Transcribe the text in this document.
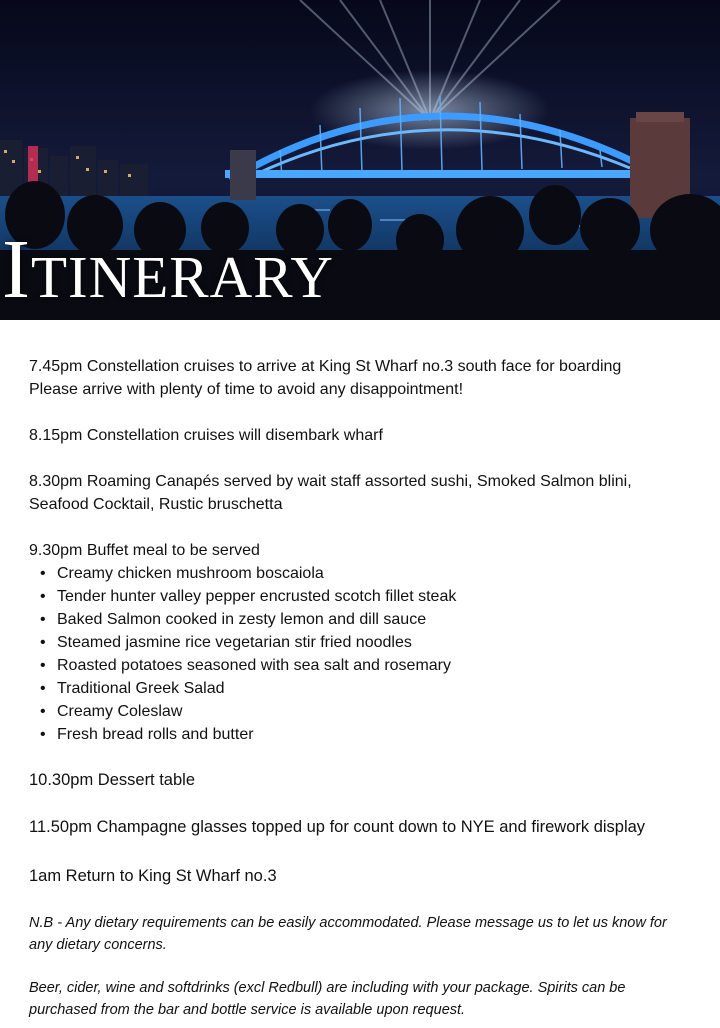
Itinerary
7.45pm Constellation cruises to arrive at King St Wharf no.3 south face for boarding
Please arrive with plenty of time to avoid any disappointment!
8.15pm Constellation cruises will disembark wharf
8.30pm Roaming Canapés served by wait staff assorted sushi, Smoked Salmon blini,
Seafood Cocktail, Rustic bruschetta
9.30pm Buffet meal to be served
• Creamy chicken mushroom boscaiola
• Tender hunter valley pepper encrusted scotch fillet steak
• Baked Salmon cooked in zesty lemon and dill sauce
• Steamed jasmine rice vegetarian stir fried noodles
• Roasted potatoes seasoned with sea salt and rosemary
• Traditional Greek Salad
• Creamy Coleslaw
• Fresh bread rolls and butter
10.30pm Dessert table
11.50pm Champagne glasses topped up for count down to NYE and firework display
1am Return to King St Wharf no.3
N.B - Any dietary requirements can be easily accommodated. Please message us to let us know for any dietary concerns.
Beer, cider, wine and softdrinks (excl Redbull) are including with your package. Spirits can be purchased from the bar and bottle service is available upon request.
